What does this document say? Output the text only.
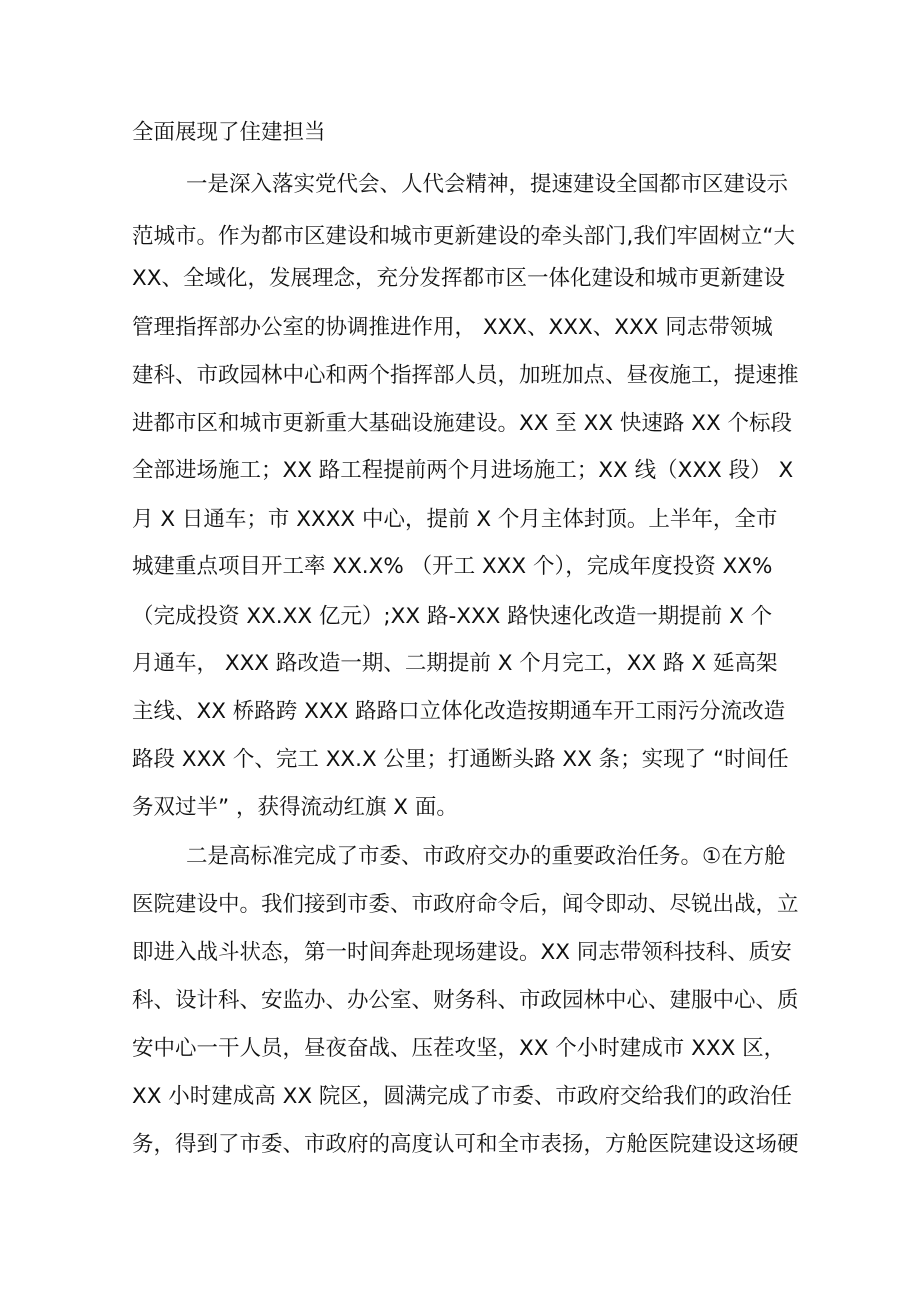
全面展现了住建担当
一是深入落实党代会、人代会精神，提速建设全国都市区建设示
范城市。作为都市区建设和城市更新建设的牵头部门,我们牢固树立“大
XX、全域化，发展理念，充分发挥都市区一体化建设和城市更新建设
管理指挥部办公室的协调推进作用， XXX、XXX、XXX 同志带领城
建科、市政园林中心和两个指挥部人员，加班加点、昼夜施工，提速推
进都市区和城市更新重大基础设施建设。XX 至 XX 快速路 XX 个标段
全部进场施工；XX 路工程提前两个月进场施工；XX 线（XXX 段） X
月 X 日通车；市 XXXX 中心，提前 X 个月主体封顶。上半年，全市
城建重点项目开工率 XX.X% （开工 XXX 个），完成年度投资 XX%
（完成投资 XX.XX 亿元）;XX 路-XXX 路快速化改造一期提前 X 个
月通车， XXX 路改造一期、二期提前 X 个月完工，XX 路 X 延高架
主线、XX 桥路跨 XXX 路路口立体化改造按期通车开工雨污分流改造
路段 XXX 个、完工 XX.X 公里；打通断头路 XX 条；实现了 “时间任
务双过半” ，获得流动红旗 X 面。
二是高标准完成了市委、市政府交办的重要政治任务。①在方舱
医院建设中。我们接到市委、市政府命令后，闻令即动、尽锐出战，立
即进入战斗状态，第一时间奔赴现场建设。XX 同志带领科技科、质安
科、设计科、安监办、办公室、财务科、市政园林中心、建服中心、质
安中心一干人员，昼夜奋战、压茬攻坚，XX 个小时建成市 XXX 区，
XX 小时建成高 XX 院区，圆满完成了市委、市政府交给我们的政治任
务，得到了市委、市政府的高度认可和全市表扬，方舱医院建设这场硬
